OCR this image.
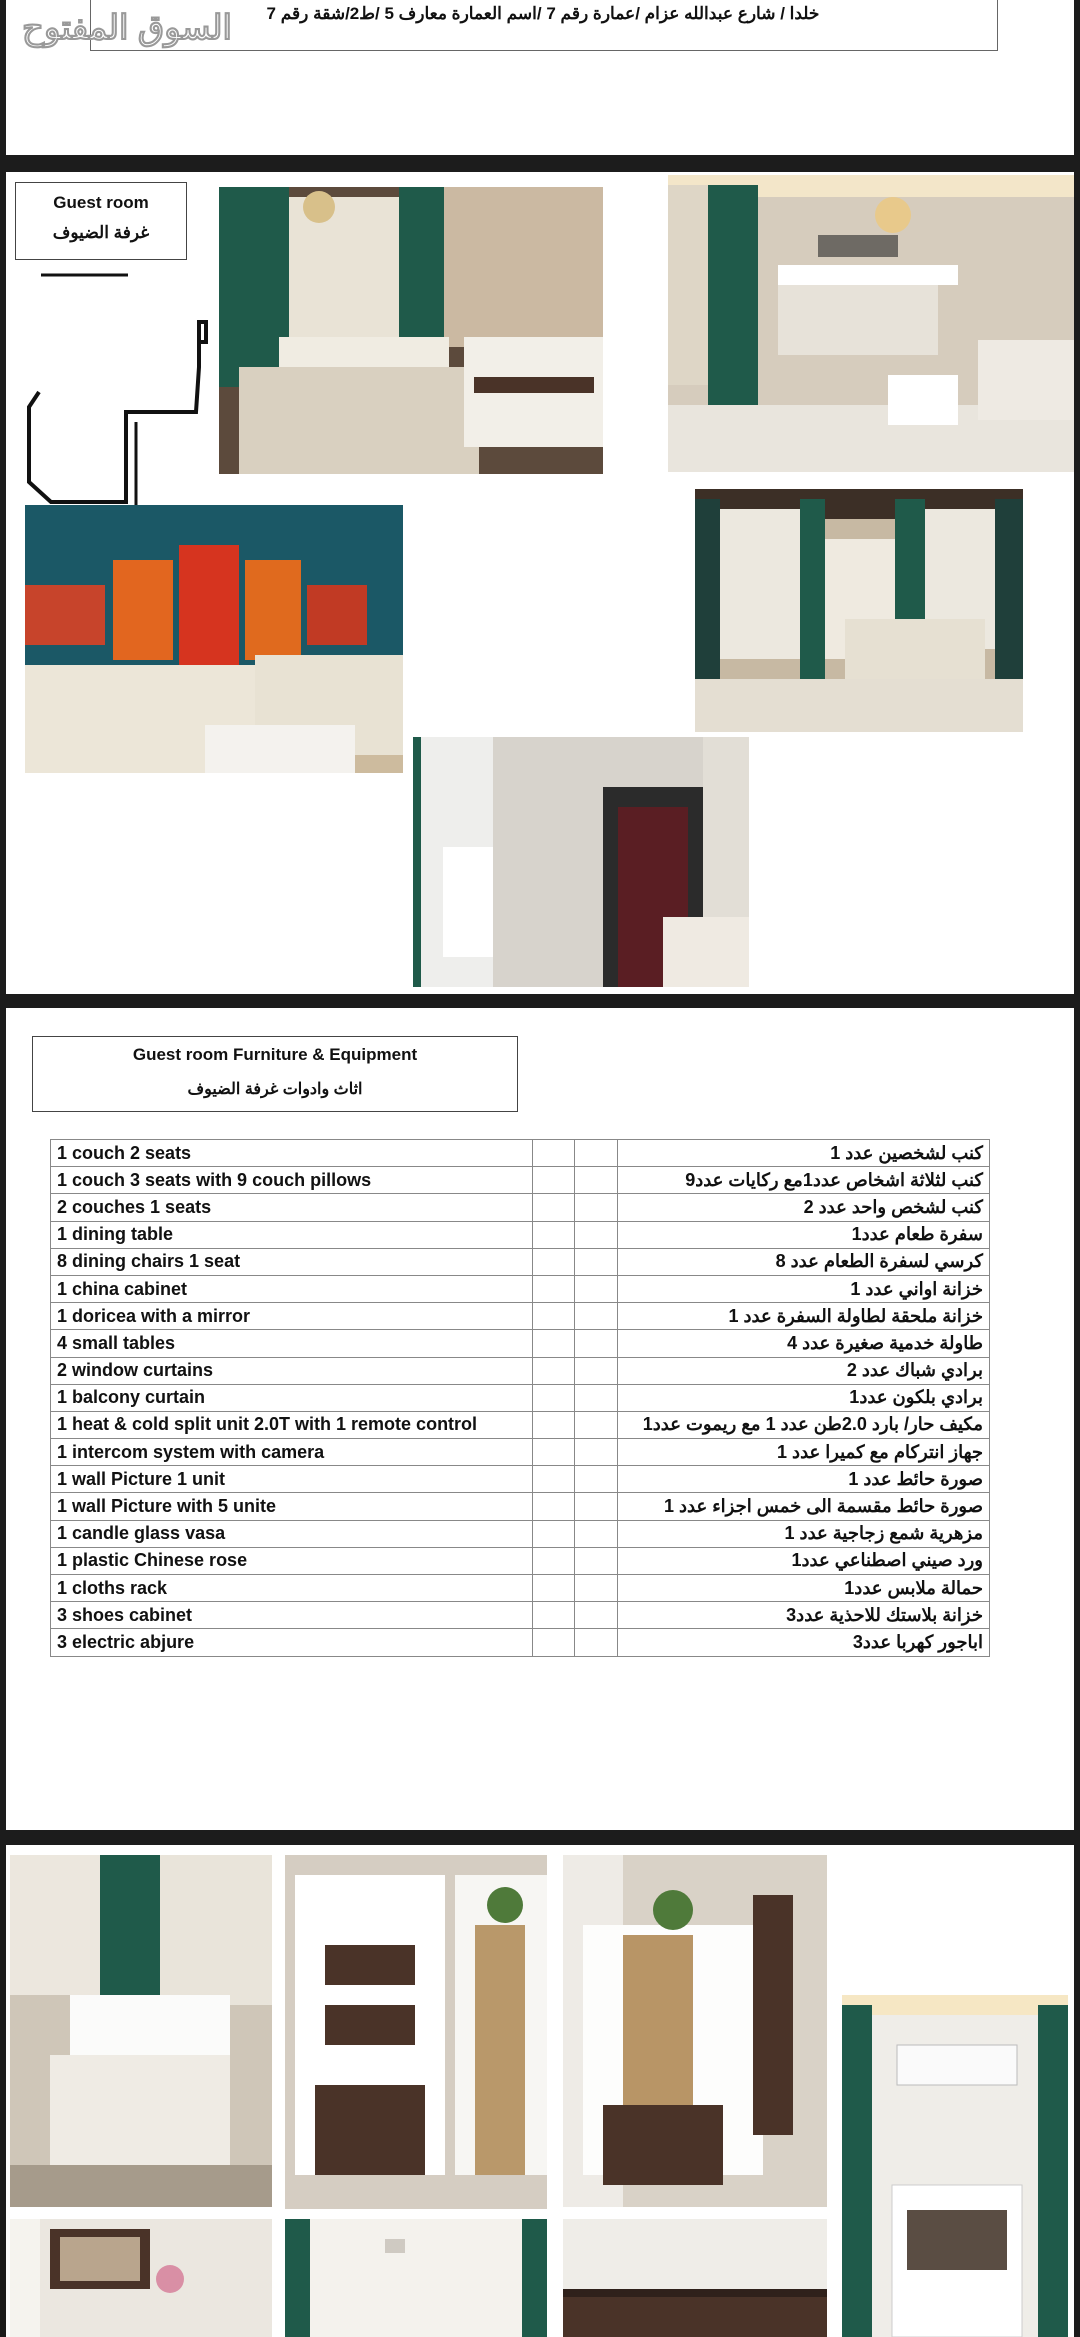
خلدا / شارع عبدالله عزام /عمارة رقم 7 /اسم العمارة معارف 5 /ط2/شقة رقم 7
السوق المفتوح
Guest room
غرفة الضيوف
Guest room Furniture & Equipment
اثاث وادوات غرفة الضيوف
1 couch 2 seats			كنب لشخصين عدد 1
1 couch 3 seats with 9 couch pillows			كنب لثلاثة اشخاص عدد1مع ركايات عدد9
2 couches 1 seats			كنب لشخص واحد عدد 2
1 dining table			سفرة طعام عدد1
8 dining chairs 1 seat			كرسي لسفرة الطعام عدد 8
1 china cabinet			خزانة اواني عدد 1
1 doricea with a mirror			خزانة ملحقة لطاولة السفرة عدد 1
4 small tables			طاولة خدمية صغيرة عدد 4
2 window curtains			برادي شباك عدد 2
1 balcony curtain			برادي بلكون عدد1
1 heat & cold split unit 2.0T with 1 remote control			مكيف حار/ بارد 2.0طن عدد 1 مع ريموت عدد1
1 intercom system with camera			جهاز انتركام مع كميرا عدد 1
1 wall Picture 1 unit			صورة حائط عدد 1
1 wall Picture with 5 unite			صورة حائط مقسمة الى خمس اجزاء عدد 1
1 candle glass vasa			مزهرية شمع زجاجية عدد 1
1 plastic Chinese rose			ورد صيني اصطناعي عدد1
1 cloths rack			حمالة ملابس عدد1
3 shoes cabinet			خزانة بلاستك للاحذية عدد3
3 electric abjure			اباجور كهربا عدد3
